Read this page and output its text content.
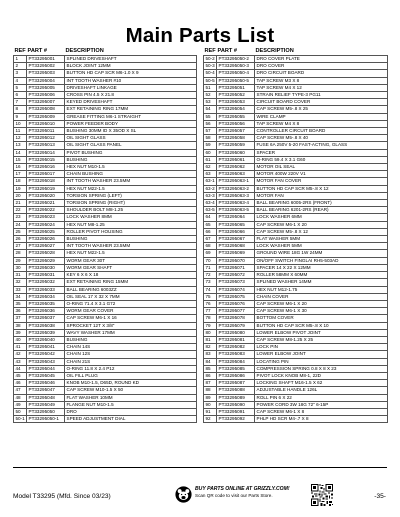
Main Parts List
REF	PART #	DESCRIPTION
1	PT33295001	SPLINED DRIVESHAFT
2	PT33295002	BLOCK JOINT 12MM
3	PT33295003	BUTTON HD CAP SCR M6-1.0 X 9
4	PT33295004	INT TOOTH WASHER #10
5	PT33295005	DRIVESHAFT LINKAGE
6	PT33295006	CROSS PIN 4.5 X 21.8
7	PT33295007	KEYED DRIVESHAFT
8	PT33295008	EXT RETAINING RING 17MM
9	PT33295009	GREASE FITTING M6-1 STRAIGHT
10	PT33295010	POWER FEEDER BODY
11	PT33295011	BUSHING 30MM ID X 35OD X SL
12	PT33295012	OIL SIGHT GLASS
13	PT33295013	OIL SIGHT GLASS PANEL
14	PT33295014	PIVOT BUSHING
15	PT33295015	BUSHING
16	PT33295016	HEX NUT M10-1.5
17	PT33295017	CHAIN BUSHING
18	PT33295018	INT TOOTH WASHER 23.5MM
19	PT33295019	HEX NUT M22-1.5
20	PT33295020	TORSION SPRING (LEFT)
21	PT33295021	TORSION SPRING (RIGHT)
22	PT33295022	SHOULDER BOLT M8-1.25
23	PT33295023	LOCK WASHER 8MM
24	PT33295024	HEX NUT M8-1.25
25	PT33295025	ROLLER PIVOT HOUSING
26	PT33295026	BUSHING
27	PT33295027	INT TOOTH WASHER 23.5MM
28	PT33295028	HEX NUT M22-1.5
29	PT33295029	WORM GEAR 30T
30	PT33295030	WORM GEAR SHAFT
31	PT33295031	KEY 6 X 6 X 18
32	PT33295032	EXT RETAINING RING 15MM
33	PT33295033	BALL BEARING 6003ZZ
34	PT33295034	OIL SEAL 17 X 32 X 7MM
35	PT33295035	O-RING 71.4 X 3.1 G72
36	PT33295036	WORM GEAR COVER
37	PT33295037	CAP SCREW M6-1 X 16
38	PT33295038	SPROCKET 12T X 3/8"
39	PT33295039	WAVY WASHER 17MM
40	PT33295040	BUSHING
41	PT33295041	CHAIN 14S
42	PT33295042	CHAIN 12S
43	PT33295043	CHAIN 21S
44	PT33295044	O-RING 11.8 X 2.4 P12
45	PT33295045	OIL FILL PLUG
46	PT33295046	KNOB M10-1.5, D65D, ROUND KD
47	PT33295047	CAP SCREW M10-1.5 X 50
48	PT33295048	FLAT WASHER 10MM
49	PT33295049	FLANGE NUT M10-1.5
50	PT33295050	DRO
50-1	PT33295050-1	SPEED ADJUSTMENT DIAL
REF	PART #	DESCRIPTION
50-2	PT33295050-2	DRO COVER PLATE
50-3	PT33295050-3	DRO COVER
50-4	PT33295050-4	DRO CIRCUIT BOARD
50-5	PT33295050-5	TAP SCREW M3 X 8
51	PT33295051	TAP SCREW M4 X 12
52	PT33295052	STRAIN RELIEF TYPE-3 PG11
53	PT33295053	CIRCUIT BOARD COVER
54	PT33295054	CAP SCREW M5-.8 X 25
55	PT33295055	WIRE CLAMP
56	PT33295056	TAP SCREW M4 X 8
57	PT33295057	CONTROLLER CIRCUIT BOARD
58	PT33295058	CAP SCREW M5-.8 X 40
59	PT33295059	FUSE 6A 250V 5-20 FAST-ACTING, GLASS
60	PT33295060	SPACER
61	PT33295061	O-RING 59.4 X 3.1 G60
62	PT33295062	MOTOR OIL SEAL
63	PT33295063	MOTOR 400W 220V V1
63-1	PT33295063-1	MOTOR FAN COVER
63-2	PT33295063-2	BUTTON HD CAP SCR M5-.8 X 12
63-3	PT33295063-3	MOTOR FAN
63-4	PT33295063-4	BALL BEARING 6005-2RS (FRONT)
63-5	PT33295063-5	BALL BEARING 6201-2RS (REAR)
64	PT33295064	LOCK WASHER 6MM
65	PT33295065	CAP SCREW M6-1 X 20
66	PT33295066	CAP SCREW M5-.8 X 12
67	PT33295067	FLAT WASHER 5MM
68	PT33295068	LOCK WASHER 5MM
69	PT33295069	GROUND WIRE 18G 1W 24MM
70	PT33295070	ON/OFF SWITCH FINGLAI RH5-503AD
71	PT33295071	SPACER 14 X 22 X 12MM
72	PT33295072	ROLLER 58MM X 60MM
73	PT33295073	SPLINED WASHER 14MM
74	PT33295074	HEX NUT M12-1.75
75	PT33295075	CHAIN COVER
76	PT33295076	CAP SCREW M6-1 X 20
77	PT33295077	CAP SCREW M6-1 X 30
78	PT33295078	BOTTOM COVER
79	PT33295079	BUTTON HD CAP SCR M5-.8 X 10
80	PT33295080	LOWER ELBOW PIVOT JOINT
81	PT33295081	CAP SCREW M8-1.25 X 25
82	PT33295082	LOCK PIN
83	PT33295083	LOWER ELBOW JOINT
84	PT33295084	LOCATING PIN
85	PT33295085	COMPRESSION SPRING 0.8 X 8 X 23
86	PT33295086	PIVOT LOCK KNOB M8-1, 22D
87	PT33295087	LOCKING SHAFT M16-1.5 X 62
88	PT33295088	ADJUSTABLE HANDLE 126L
89	PT33295089	ROLL PIN 6 X 22
90	PT33295090	POWER CORD 3W 18G 72" 6-15P
91	PT33295091	CAP SCREW M6-1 X 8
92	PT33295092	PHLP HD SCR M4-.7 X 8
Model T33295 (Mfd. Since 03/23)
BUY PARTS ONLINE AT GRIZZLY.COM!
Scan QR code to visit our Parts Store.	-35-
